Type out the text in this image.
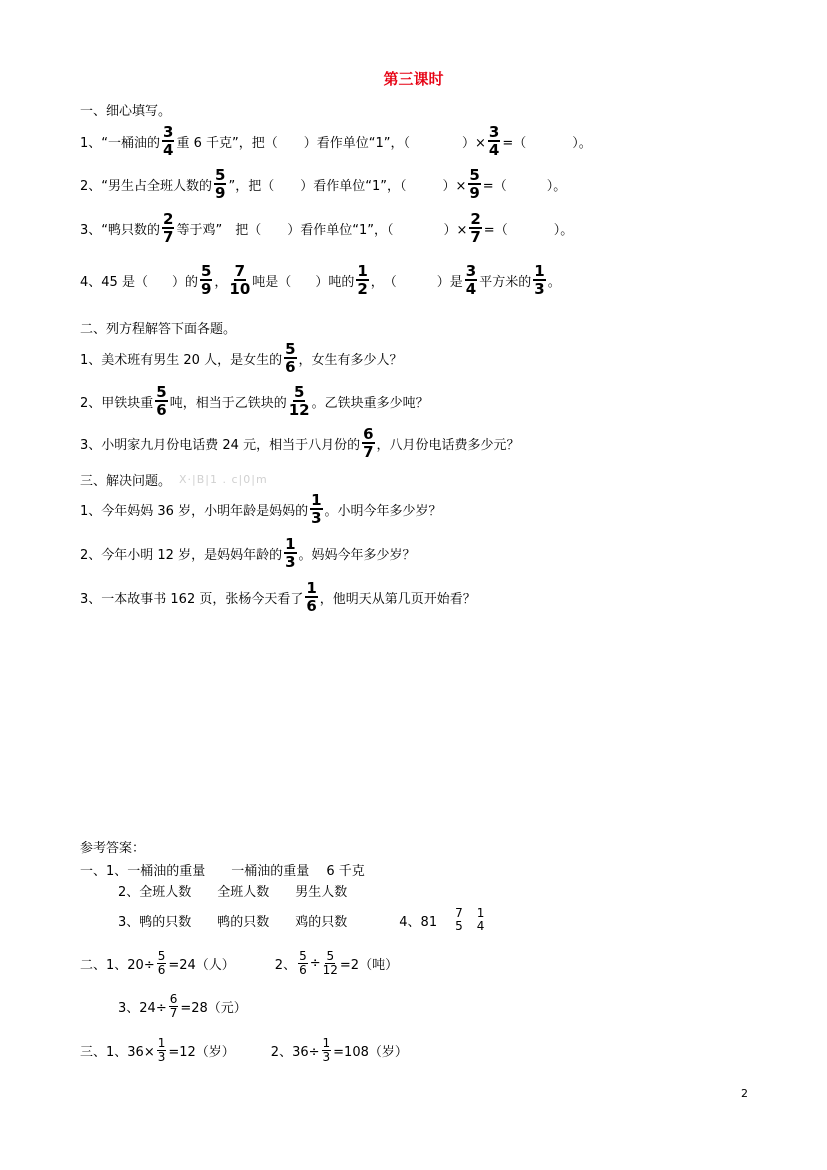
第三课时
一、细心填写。
1、“一桶油的 $\frac{3}{4}$ 重 6 千克”，把（ ）看作单位“1”，（	）× $\frac{3}{4}$ =（	）。
2、“男生占全班人数的 $\frac{5}{9}$ ”，把（ ）看作单位“1”，（	）× $\frac{5}{9}$ =（	）。
3、“鸭只数的 $\frac{2}{7}$ 等于鸡”　把（ ）看作单位“1”，（	）× $\frac{2}{7}$ =（	）。
4、45 是（ ）的 $\frac{5}{9}$ ， $\frac{7}{10}$ 吨是（ ）吨的 $\frac{1}{2}$ ，　（	）是 $\frac{3}{4}$ 平方米的 $\frac{1}{3}$ 。
二、列方程解答下面各题。
1、美术班有男生 20 人，是女生的 $\frac{5}{6}$ ，女生有多少人？
2、甲铁块重 $\frac{5}{6}$ 吨，相当于乙铁块的 $\frac{5}{12}$ 。乙铁块重多少吨？
3、小明家九月份电话费 24 元，相当于八月份的 $\frac{6}{7}$ ，八月份电话费多少元？
三、解决问题。 X·|B|1 . c|0|m
1、今年妈妈 36 岁，小明年龄是妈妈的 $\frac{1}{3}$ 。小明今年多少岁？
2、今年小明 12 岁，是妈妈年龄的 $\frac{1}{3}$ 。妈妈今年多少岁？
3、一本故事书 162 页，张杨今天看了 $\frac{1}{6}$ ，他明天从第几页开始看？
参考答案：
一、1、一桶油的重量　　一桶油的重量　 6 千克
2、全班人数　　全班人数　　男生人数
3、鸭的只数　　鸭的只数　　鸡的只数	4、81
7
5
1
4
二、1、$20\div \frac{5}{6} =24$（人）	2、 $\frac{5}{6} \div \frac{5}{12} =2$（吨）
3、$24\div \frac{6}{7} =28$（元）
三、1、$36\times \frac{1}{3} =12$（岁）	2、$36\div \frac{1}{3} =108$（岁）
2
